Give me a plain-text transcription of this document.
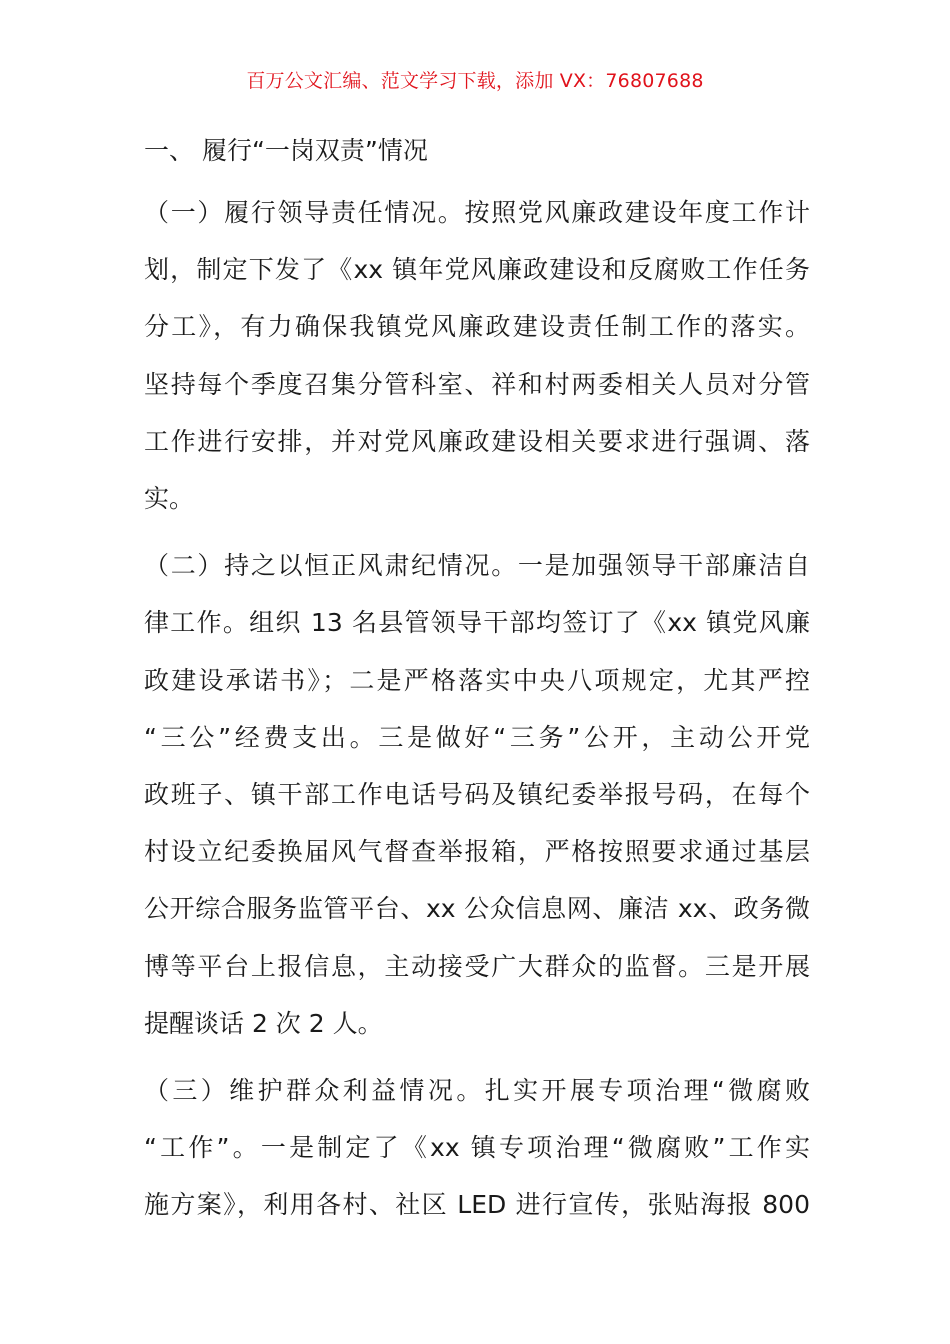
百万公文汇编、范文学习下载，添加 VX：76807688
一、 履行“一岗双责”情况
（一）履行领导责任情况。按照党风廉政建设年度工作计
划，制定下发了《xx 镇年党风廉政建设和反腐败工作任务
分工》，有力确保我镇党风廉政建设责任制工作的落实。
坚持每个季度召集分管科室、祥和村两委相关人员对分管
工作进行安排，并对党风廉政建设相关要求进行强调、落
实。
（二）持之以恒正风肃纪情况。一是加强领导干部廉洁自
律工作。组织 13 名县管领导干部均签订了《xx 镇党风廉
政建设承诺书》；二是严格落实中央八项规定，尤其严控
“三公”经费支出。三是做好“三务”公开，主动公开党
政班子、镇干部工作电话号码及镇纪委举报号码，在每个
村设立纪委换届风气督查举报箱，严格按照要求通过基层
公开综合服务监管平台、xx 公众信息网、廉洁 xx、政务微
博等平台上报信息，主动接受广大群众的监督。三是开展
提醒谈话 2 次 2 人。
（三）维护群众利益情况。扎实开展专项治理“微腐败
“工作”。一是制定了《xx 镇专项治理“微腐败”工作实
施方案》，利用各村、社区 LED 进行宣传，张贴海报 800
